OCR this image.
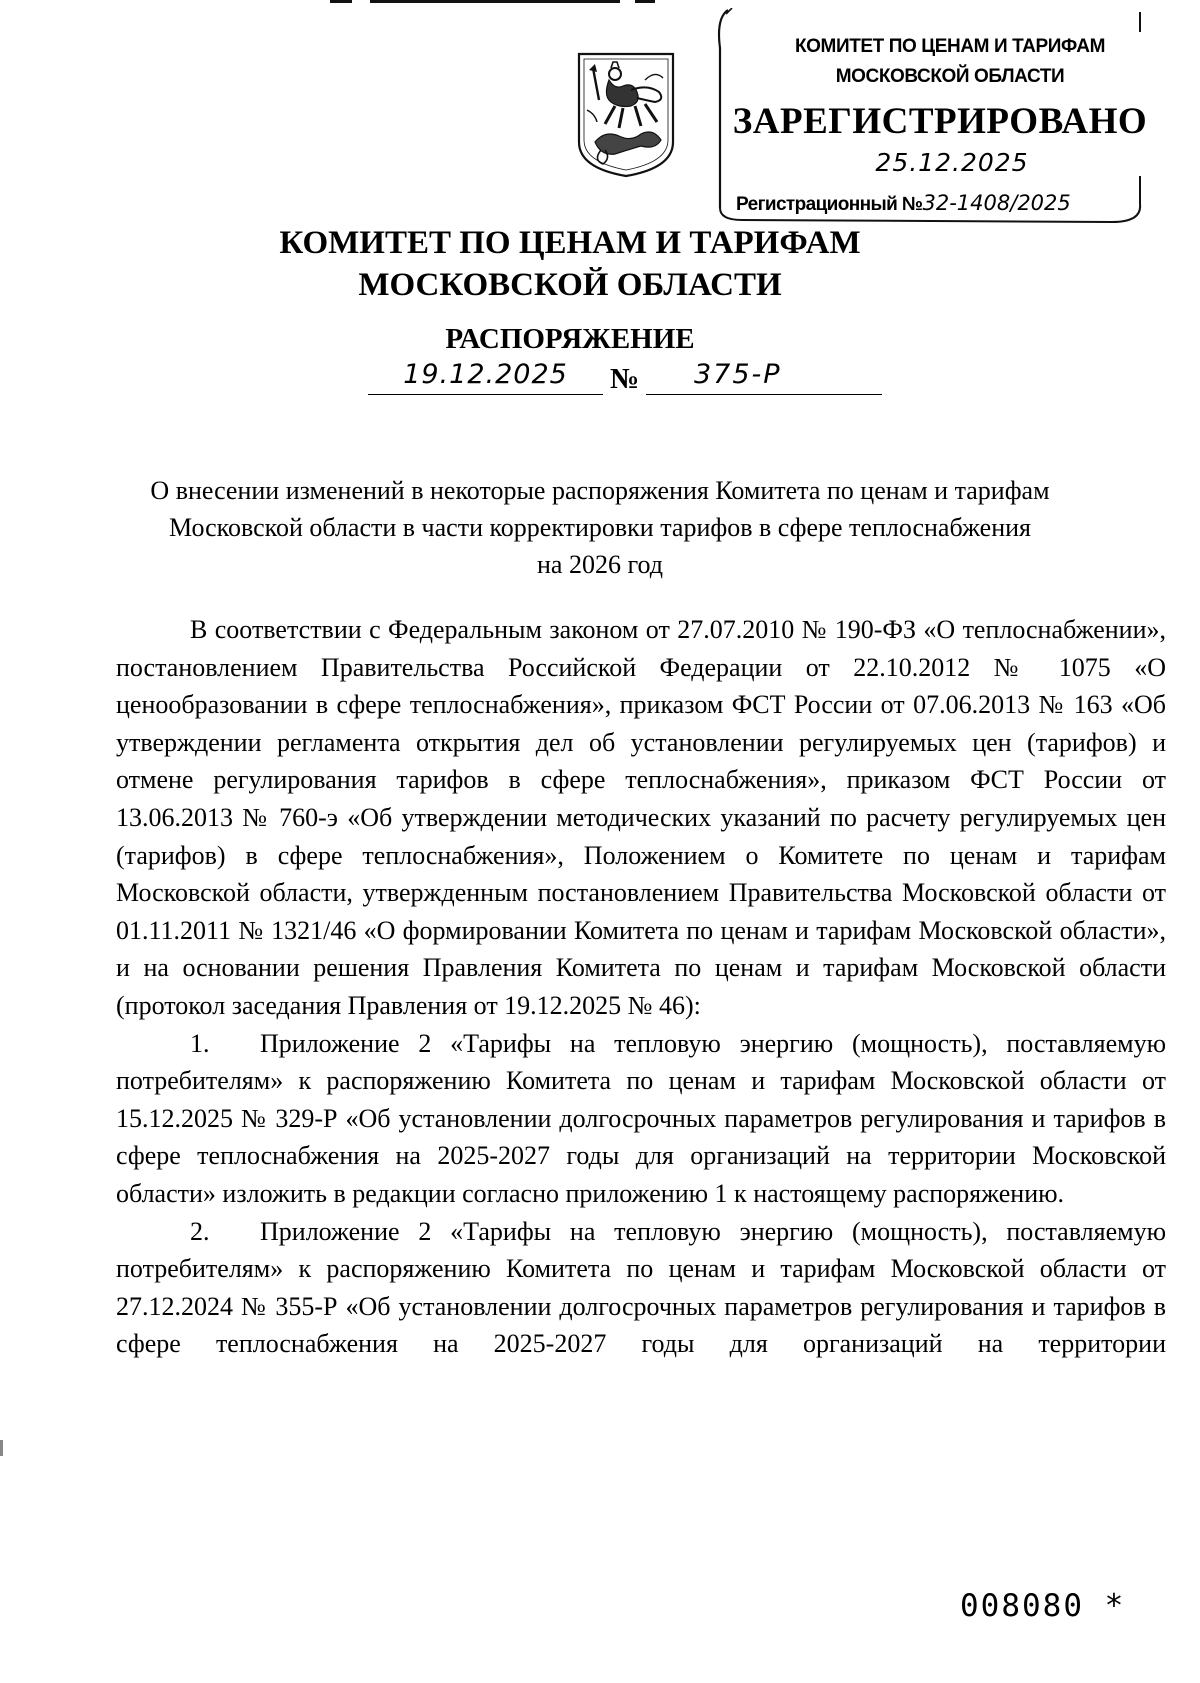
КОМИТЕТ ПО ЦЕНАМ И ТАРИФАМ
МОСКОВСКОЙ ОБЛАСТИ
ЗАРЕГИСТРИРОВАНО
25.12.2025
Регистрационный №32-1408/2025
КОМИТЕТ ПО ЦЕНАМ И ТАРИФАМ
МОСКОВСКОЙ ОБЛАСТИ
РАСПОРЯЖЕНИЕ
19.12.2025	№	375-Р
О внесении изменений в некоторые распоряжения Комитета по ценам и тарифам
Московской области в части корректировки тарифов в сфере теплоснабжения
на 2026 год

В соответствии с Федеральным законом от 27.07.2010 № 190-ФЗ «О теплоснабжении», постановлением Правительства Российской Федерации от 22.10.2012 № 1075 «О ценообразовании в сфере теплоснабжения», приказом ФСТ России от 07.06.2013 № 163 «Об утверждении регламента открытия дел об установлении регулируемых цен (тарифов) и отмене регулирования тарифов в сфере теплоснабжения», приказом ФСТ России от 13.06.2013 № 760-э «Об утверждении методических указаний по расчету регулируемых цен (тарифов) в сфере теплоснабжения», Положением о Комитете по ценам и тарифам Московской области, утвержденным постановлением Правительства Московской области от 01.11.2011 № 1321/46 «О формировании Комитета по ценам и тарифам Московской области», и на основании решения Правления Комитета по ценам и тарифам Московской области (протокол заседания Правления от 19.12.2025 № 46):

1. Приложение 2 «Тарифы на тепловую энергию (мощность), поставляемую потребителям» к распоряжению Комитета по ценам и тарифам Московской области от 15.12.2025 № 329-Р «Об установлении долгосрочных параметров регулирования и тарифов в сфере теплоснабжения на 2025-2027 годы для организаций на территории Московской области» изложить в редакции согласно приложению 1 к настоящему распоряжению.

2. Приложение 2 «Тарифы на тепловую энергию (мощность), поставляемую потребителям» к распоряжению Комитета по ценам и тарифам Московской области от 27.12.2024 № 355-Р «Об установлении долгосрочных параметров регулирования и тарифов в сфере теплоснабжения на 2025-2027 годы для организаций на территории

008080 *
